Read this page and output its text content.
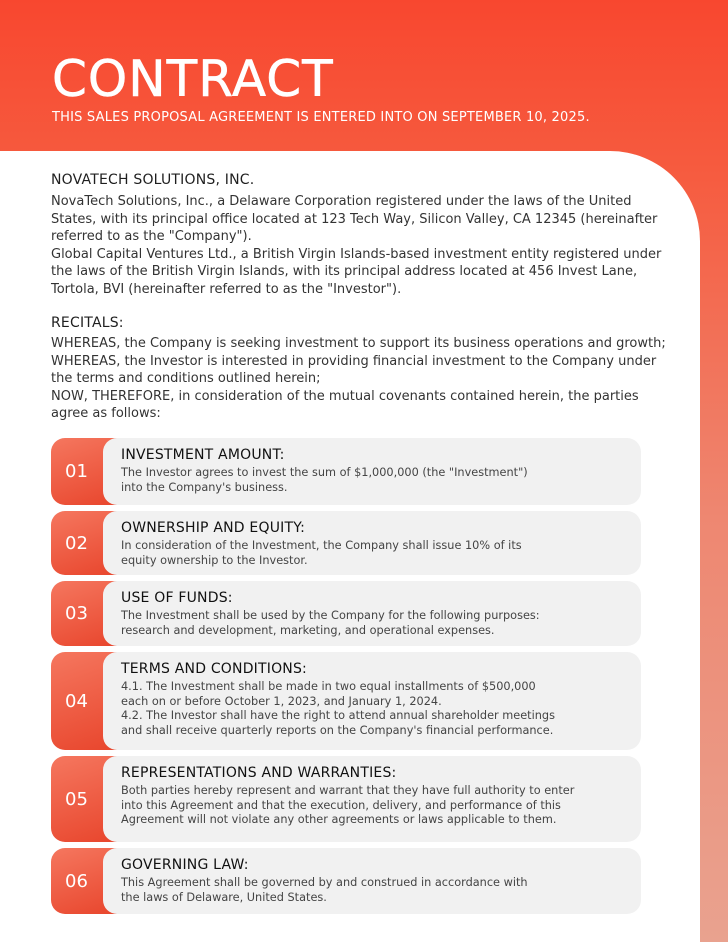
CONTRACT
THIS SALES PROPOSAL AGREEMENT IS ENTERED INTO ON SEPTEMBER 10, 2025.
NOVATECH SOLUTIONS, INC.
NovaTech Solutions, Inc., a Delaware Corporation registered under the laws of the United States, with its principal office located at 123 Tech Way, Silicon Valley, CA 12345 (hereinafter referred to as the "Company").
Global Capital Ventures Ltd., a British Virgin Islands-based investment entity registered under the laws of the British Virgin Islands, with its principal address located at 456 Invest Lane, Tortola, BVI (hereinafter referred to as the "Investor").
RECITALS:
WHEREAS, the Company is seeking investment to support its business operations and growth;
WHEREAS, the Investor is interested in providing financial investment to the Company under the terms and conditions outlined herein;
NOW, THEREFORE, in consideration of the mutual covenants contained herein, the parties agree as follows:
01
INVESTMENT AMOUNT:
The Investor agrees to invest the sum of $1,000,000 (the "Investment")
into the Company's business.
02
OWNERSHIP AND EQUITY:
In consideration of the Investment, the Company shall issue 10% of its
equity ownership to the Investor.
03
USE OF FUNDS:
The Investment shall be used by the Company for the following purposes:
research and development, marketing, and operational expenses.
04
TERMS AND CONDITIONS:
4.1. The Investment shall be made in two equal installments of $500,000
each on or before October 1, 2023, and January 1, 2024.
4.2. The Investor shall have the right to attend annual shareholder meetings
and shall receive quarterly reports on the Company's financial performance.
05
REPRESENTATIONS AND WARRANTIES:
Both parties hereby represent and warrant that they have full authority to enter
into this Agreement and that the execution, delivery, and performance of this
Agreement will not violate any other agreements or laws applicable to them.
06
GOVERNING LAW:
This Agreement shall be governed by and construed in accordance with
the laws of Delaware, United States.
